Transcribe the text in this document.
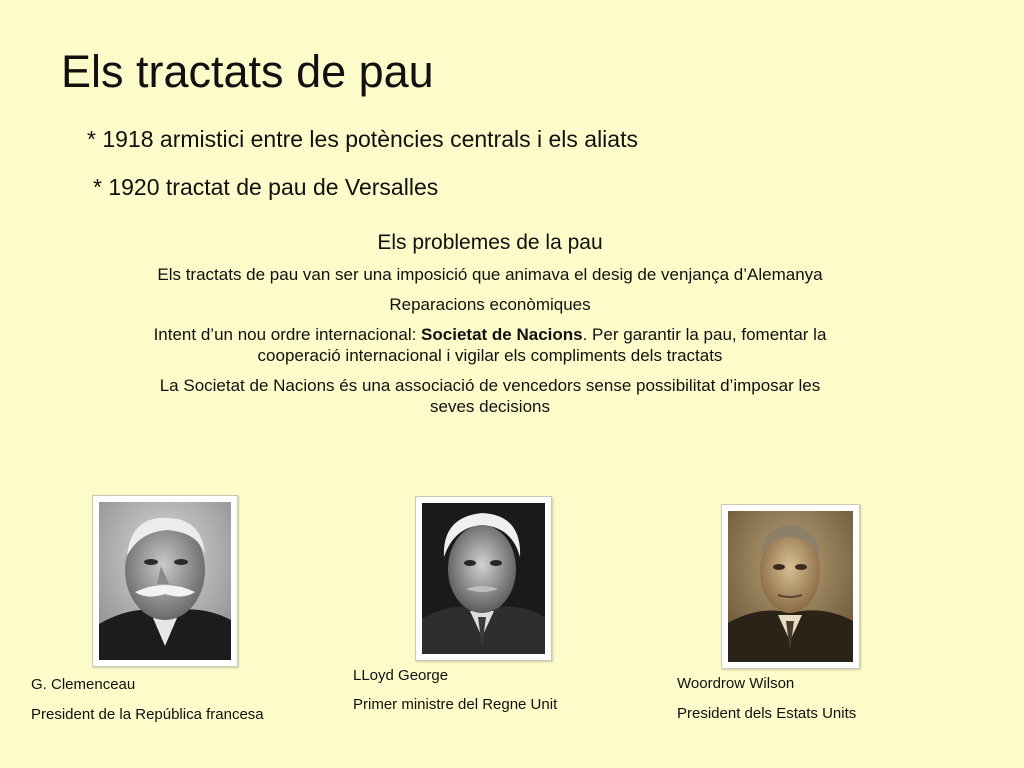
Els tractats de pau
* 1918 armistici entre les potències centrals i els aliats
* 1920 tractat de pau de Versalles

Els problemes de la pau

Els tractats de pau van ser una imposició que animava el desig de venjança d’Alemanya

Reparacions econòmiques

Intent d’un nou ordre internacional: Societat de Nacions. Per garantir la pau, fomentar la cooperació internacional i vigilar els compliments dels tractats

La Societat de Nacions és una associació de vencedors sense possibilitat d’imposar les seves decisions

G. Clemenceau
President de la República francesa
LLoyd George
Primer ministre del Regne Unit
Woordrow Wilson
President dels Estats Units
